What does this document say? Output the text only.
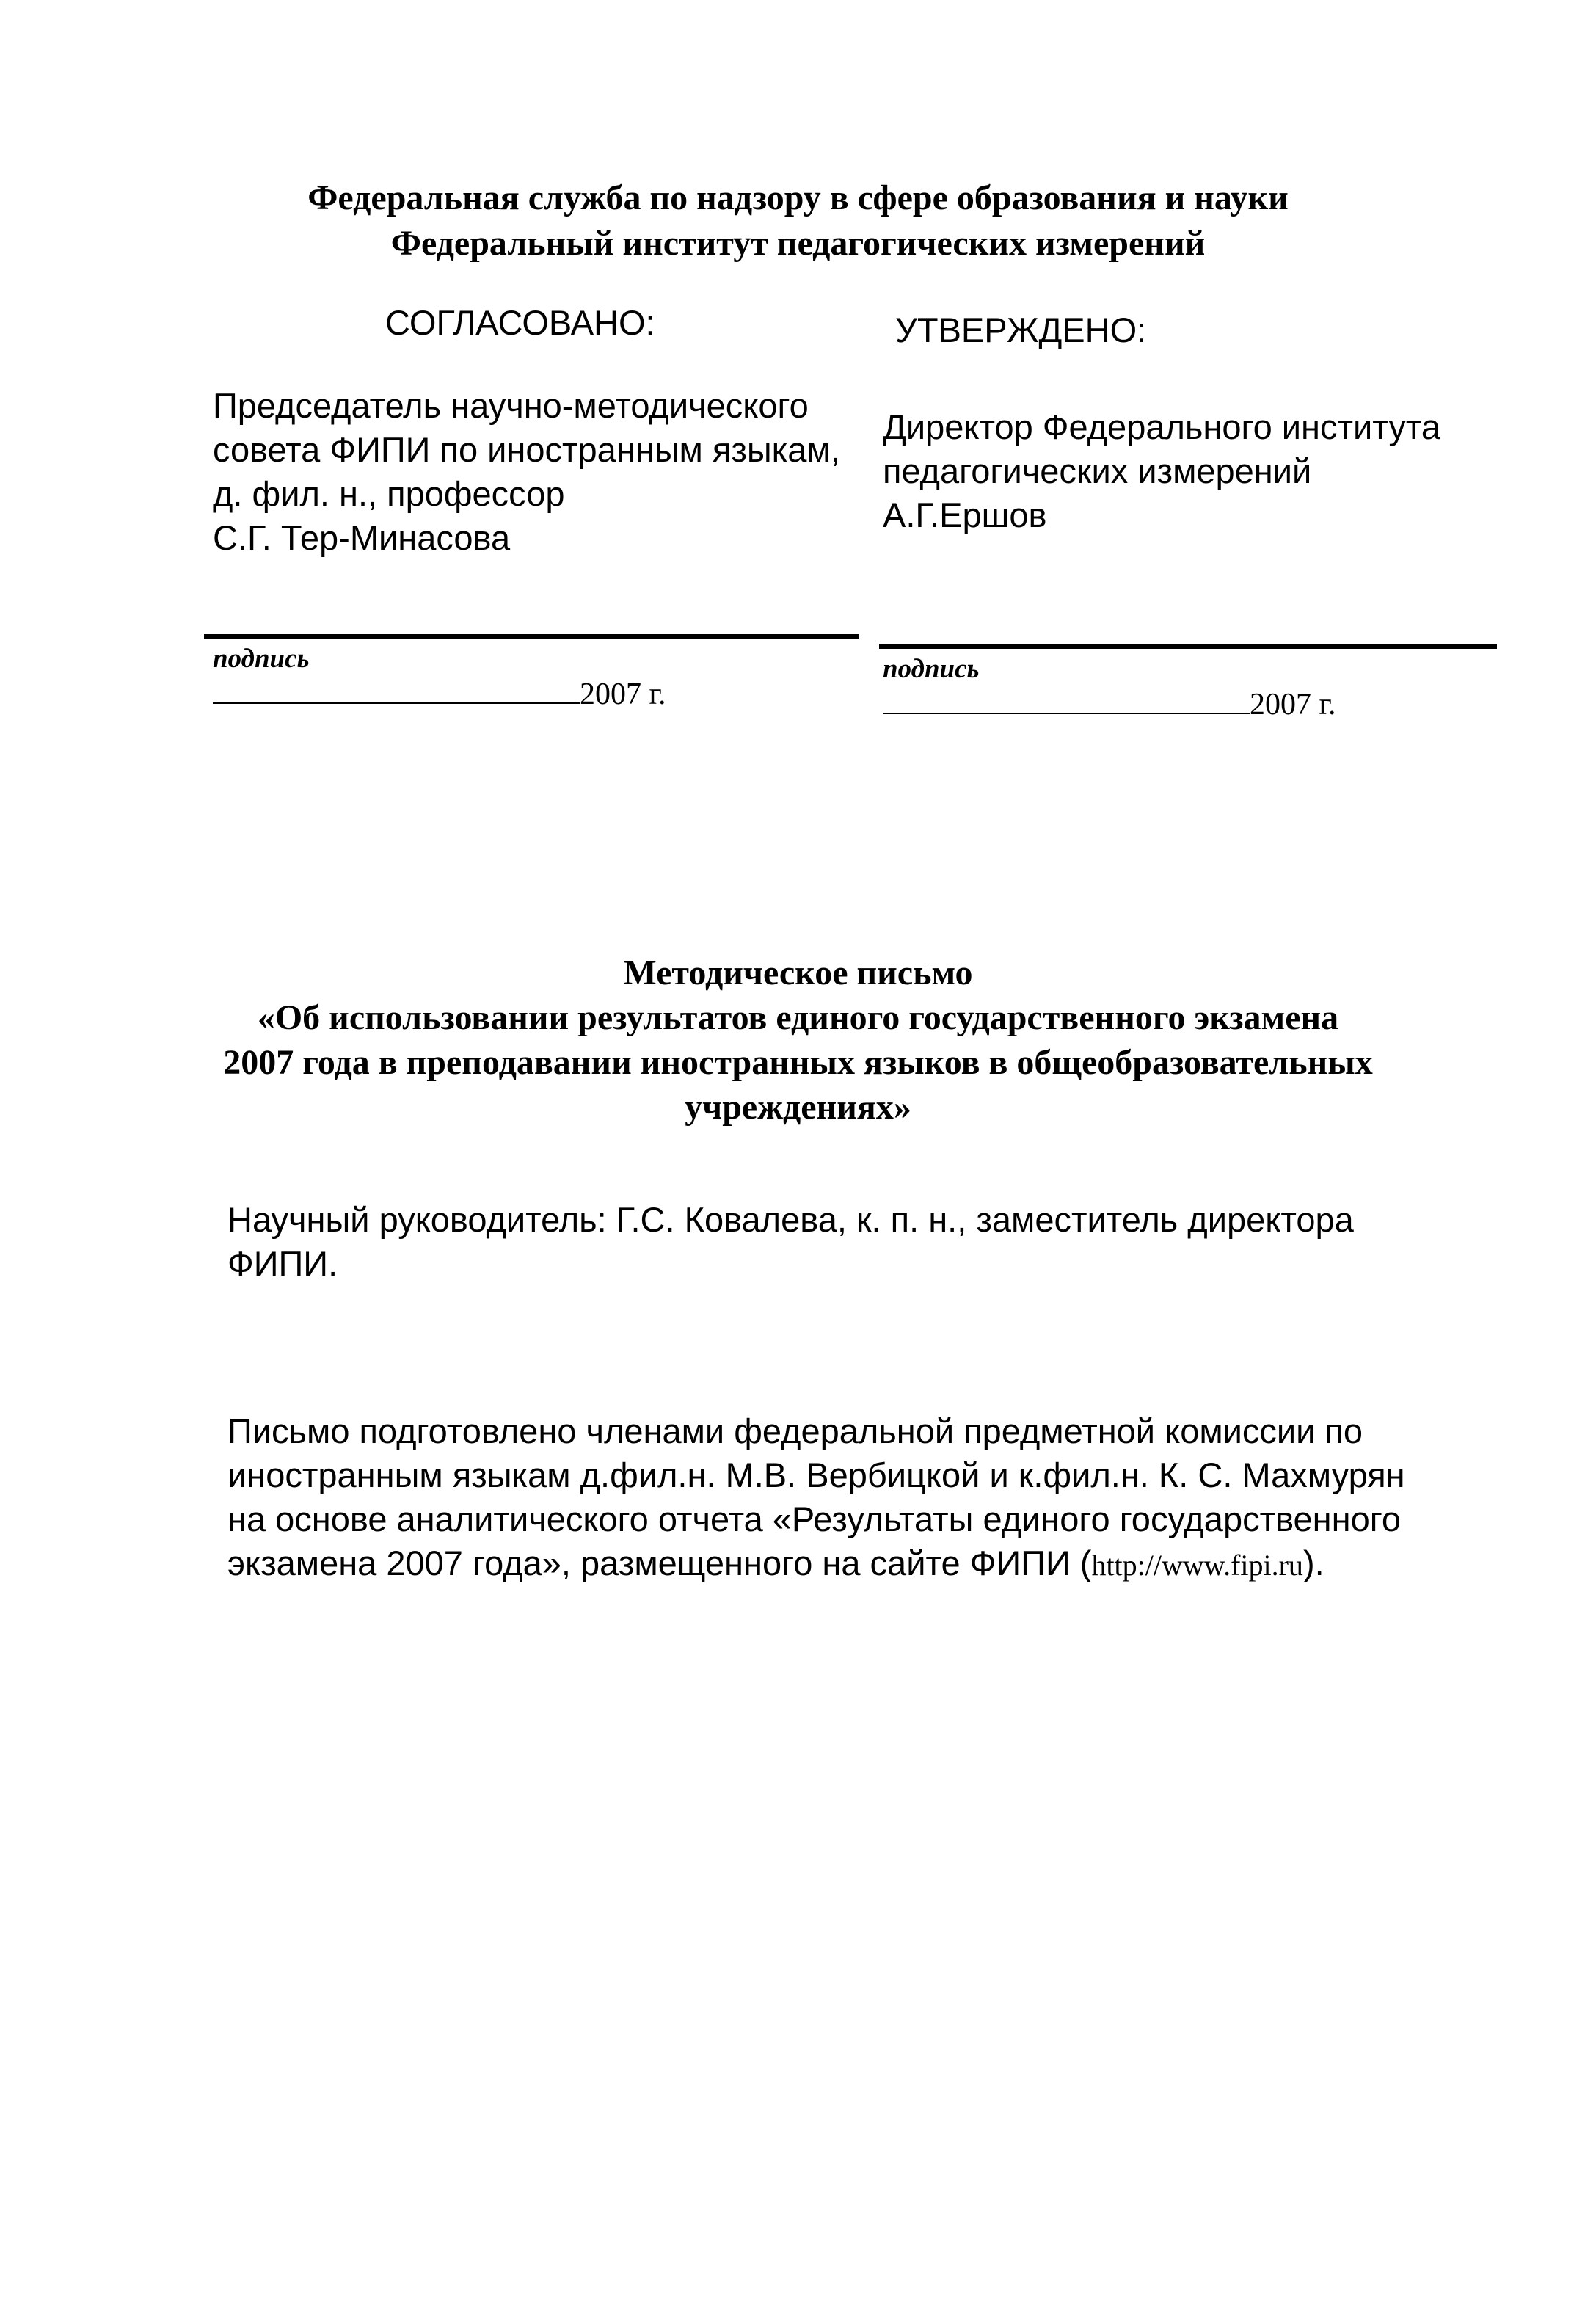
Федеральная служба по надзору в сфере образования и науки
Федеральный институт педагогических измерений
СОГЛАСОВАНО:
Председатель научно-методического
совета ФИПИ по иностранным языкам,
д. фил. н., профессор
С.Г. Тер-Минасова
подпись
2007 г.
УТВЕРЖДЕНО:
Директор Федерального института
педагогических измерений
А.Г.Ершов
подпись
2007 г.
Методическое письмо
«Об использовании результатов единого государственного экзамена
2007 года в преподавании иностранных языков в общеобразовательных
учреждениях»
Научный руководитель: Г.С. Ковалева, к. п. н., заместитель директора
ФИПИ.
Письмо подготовлено членами федеральной предметной комиссии по
иностранным языкам д.фил.н. М.В. Вербицкой и к.фил.н. К. С. Махмурян
на основе аналитического отчета «Результаты единого государственного
экзамена 2007 года», размещенного на сайте ФИПИ (http://www.fipi.ru).
